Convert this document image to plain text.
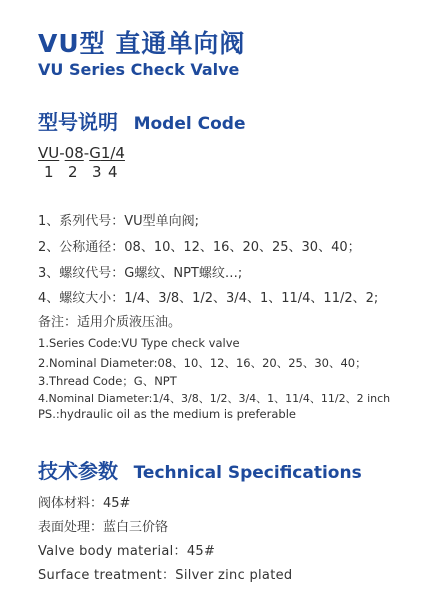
VU型 直通单向阀
VU Series Check Valve
型号说明 Model Code
VU-08-G1/4
1 2 3 4
1、系列代号：VU型单向阀;
2、公称通径：08、10、12、16、20、25、30、40；
3、螺纹代号：G螺纹、NPT螺纹…;
4、螺纹大小：1/4、3/8、1/2、3/4、1、11/4、11/2、2;
备注：适用介质液压油。
1.Series Code:VU Type check valve
2.Nominal Diameter:08、10、12、16、20、25、30、40；
3.Thread Code；G、NPT
4.Nominal Diameter:1/4、3/8、1/2、3/4、1、11/4、11/2、2 inch
PS.:hydraulic oil as the medium is preferable
技术参数 Technical Specifications
阀体材料：45#
表面处理：蓝白三价铬
Valve body material：45#
Surface treatment：Silver zinc plated
